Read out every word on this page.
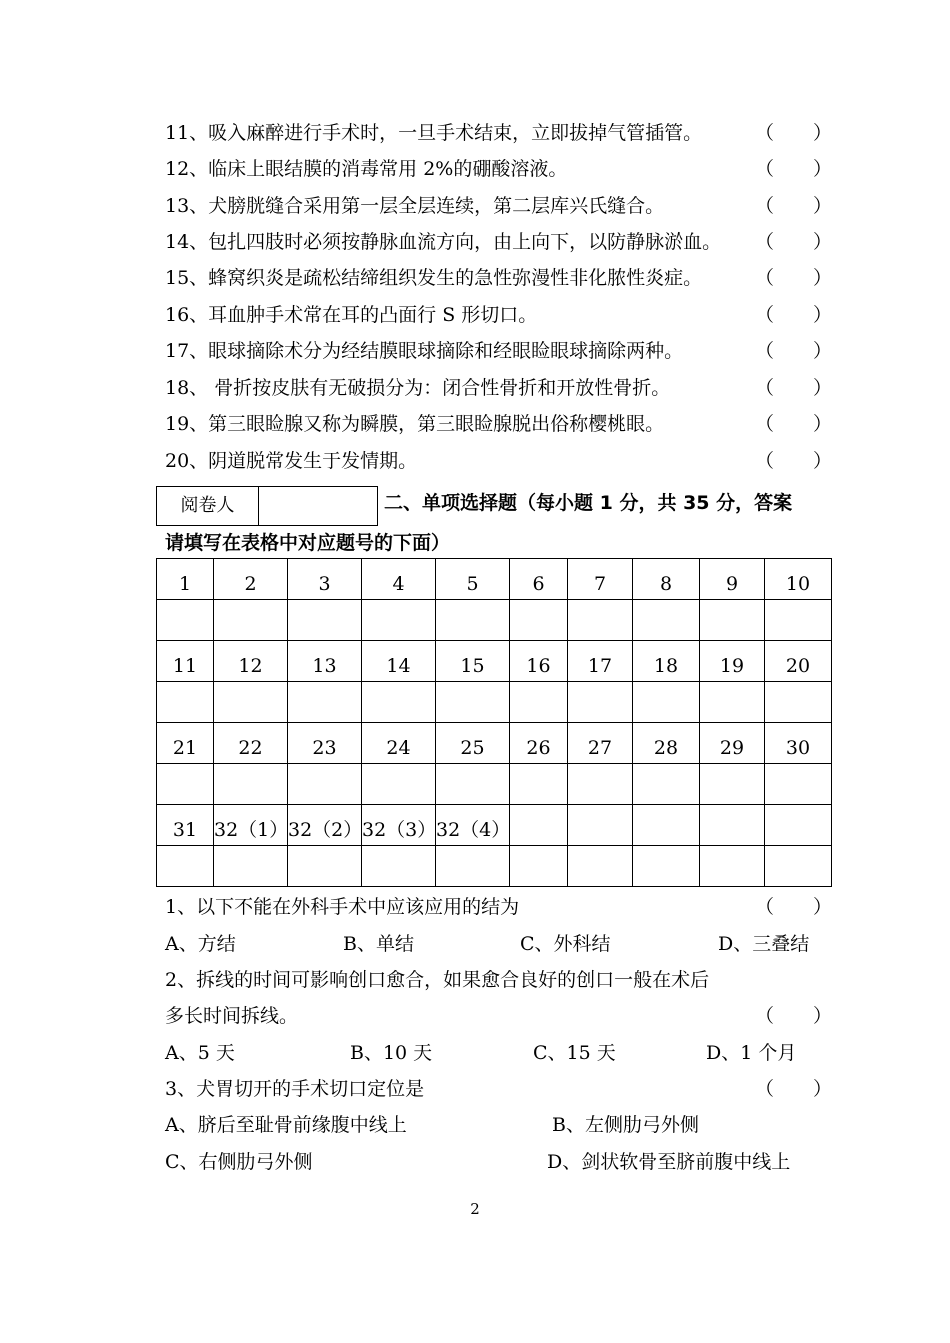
11、吸入麻醉进行手术时，一旦手术结束，立即拔掉气管插管。	（ ）
12、临床上眼结膜的消毒常用 2%的硼酸溶液。	（ ）
13、犬膀胱缝合采用第一层全层连续，第二层库兴氏缝合。	（ ）
14、包扎四肢时必须按静脉血流方向，由上向下，以防静脉淤血。 （ ）
15、蜂窝织炎是疏松结缔组织发生的急性弥漫性非化脓性炎症。	（ ）
16、耳血肿手术常在耳的凸面行 S 形切口。	（ ）
17、眼球摘除术分为经结膜眼球摘除和经眼睑眼球摘除两种。	（ ）
18、 骨折按皮肤有无破损分为：闭合性骨折和开放性骨折。	（ ）
19、第三眼睑腺又称为瞬膜，第三眼睑腺脱出俗称樱桃眼。	（ ）
20、阴道脱常发生于发情期。	（ ）
阅卷人	二、单项选择题（每小题 1 分，共 35 分，答案
请填写在表格中对应题号的下面）
1	2	3	4	5	6	7	8	9	10

11	12	13	14	15	16	17	18	19	20

21	22	23	24	25	26	27	28	29	30

31	32（1）	32（2）	32（3）	32（4）					

1、以下不能在外科手术中应该应用的结为	（ ）
A、方结	B、单结	C、外科结	D、三叠结
2、拆线的时间可影响创口愈合，如果愈合良好的创口一般在术后
多长时间拆线。	（ ）
A、5 天	B、10 天	C、15 天	D、1 个月
3、犬胃切开的手术切口定位是	（ ）
A、脐后至耻骨前缘腹中线上	B、左侧肋弓外侧
C、右侧肋弓外侧	D、剑状软骨至脐前腹中线上
2
